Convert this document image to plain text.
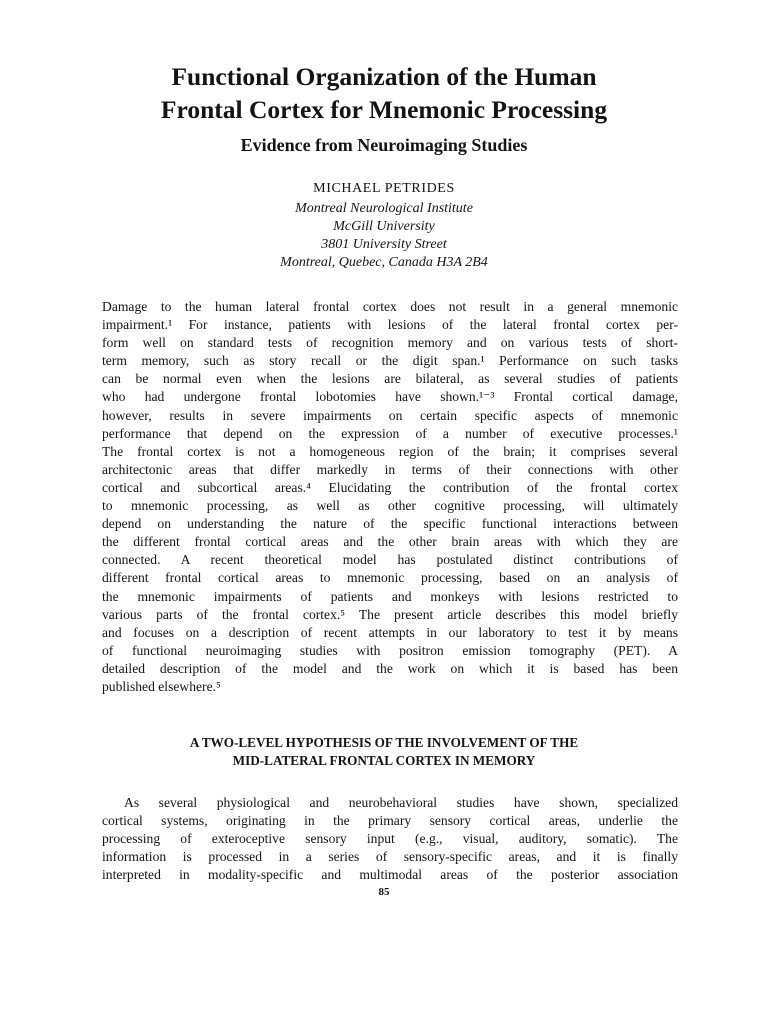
Functional Organization of the Human
Frontal Cortex for Mnemonic Processing
Evidence from Neuroimaging Studies
MICHAEL PETRIDES
Montreal Neurological Institute
McGill University
3801 University Street
Montreal, Quebec, Canada H3A 2B4
Damage to the human lateral frontal cortex does not result in a general mnemonic
impairment.¹ For instance, patients with lesions of the lateral frontal cortex per-
form well on standard tests of recognition memory and on various tests of short-
term memory, such as story recall or the digit span.¹ Performance on such tasks
can be normal even when the lesions are bilateral, as several studies of patients
who had undergone frontal lobotomies have shown.¹⁻³ Frontal cortical damage,
however, results in severe impairments on certain specific aspects of mnemonic
performance that depend on the expression of a number of executive processes.¹
The frontal cortex is not a homogeneous region of the brain; it comprises several
architectonic areas that differ markedly in terms of their connections with other
cortical and subcortical areas.⁴ Elucidating the contribution of the frontal cortex
to mnemonic processing, as well as other cognitive processing, will ultimately
depend on understanding the nature of the specific functional interactions between
the different frontal cortical areas and the other brain areas with which they are
connected. A recent theoretical model has postulated distinct contributions of
different frontal cortical areas to mnemonic processing, based on an analysis of
the mnemonic impairments of patients and monkeys with lesions restricted to
various parts of the frontal cortex.⁵ The present article describes this model briefly
and focuses on a description of recent attempts in our laboratory to test it by means
of functional neuroimaging studies with positron emission tomography (PET). A
detailed description of the model and the work on which it is based has been
published elsewhere.⁵
A TWO-LEVEL HYPOTHESIS OF THE INVOLVEMENT OF THE
MID-LATERAL FRONTAL CORTEX IN MEMORY
As several physiological and neurobehavioral studies have shown, specialized
cortical systems, originating in the primary sensory cortical areas, underlie the
processing of exteroceptive sensory input (e.g., visual, auditory, somatic). The
information is processed in a series of sensory-specific areas, and it is finally
interpreted in modality-specific and multimodal areas of the posterior association
85
